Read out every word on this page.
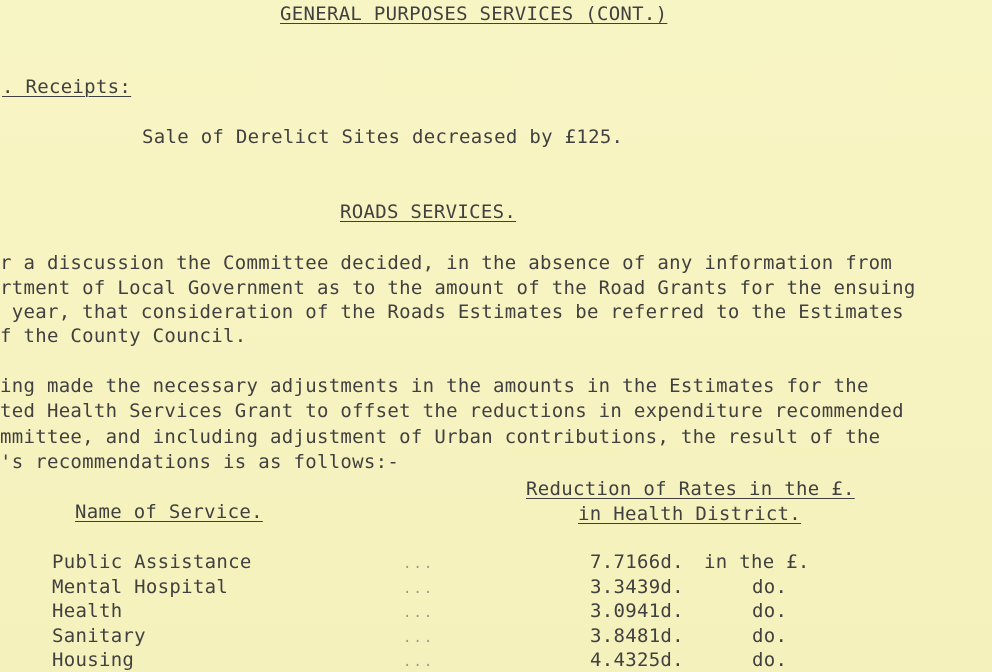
GENERAL PURPOSES SERVICES (CONT.)
. Receipts:
Sale of Derelict Sites decreased by £125.
ROADS SERVICES.
r a discussion the Committee decided, in the absence of any information from
rtment of Local Government as to the amount of the Road Grants for the ensuing
year, that consideration of the Roads Estimates be referred to the Estimates
f the County Council.
ing made the necessary adjustments in the amounts in the Estimates for the
ted Health Services Grant to offset the reductions in expenditure recommended
mmittee, and including adjustment of Urban contributions, the result of the
's recommendations is as follows:-
Reduction of Rates in the £.
Name of Service.	in Health District.
Public Assistance	...	7.7166d. in the £.
Mental Hospital	...	3.3439d.	do.
Health	...	3.0941d.	do.
Sanitary	...	3.8481d.	do.
Housing	...	4.4325d.	do.
